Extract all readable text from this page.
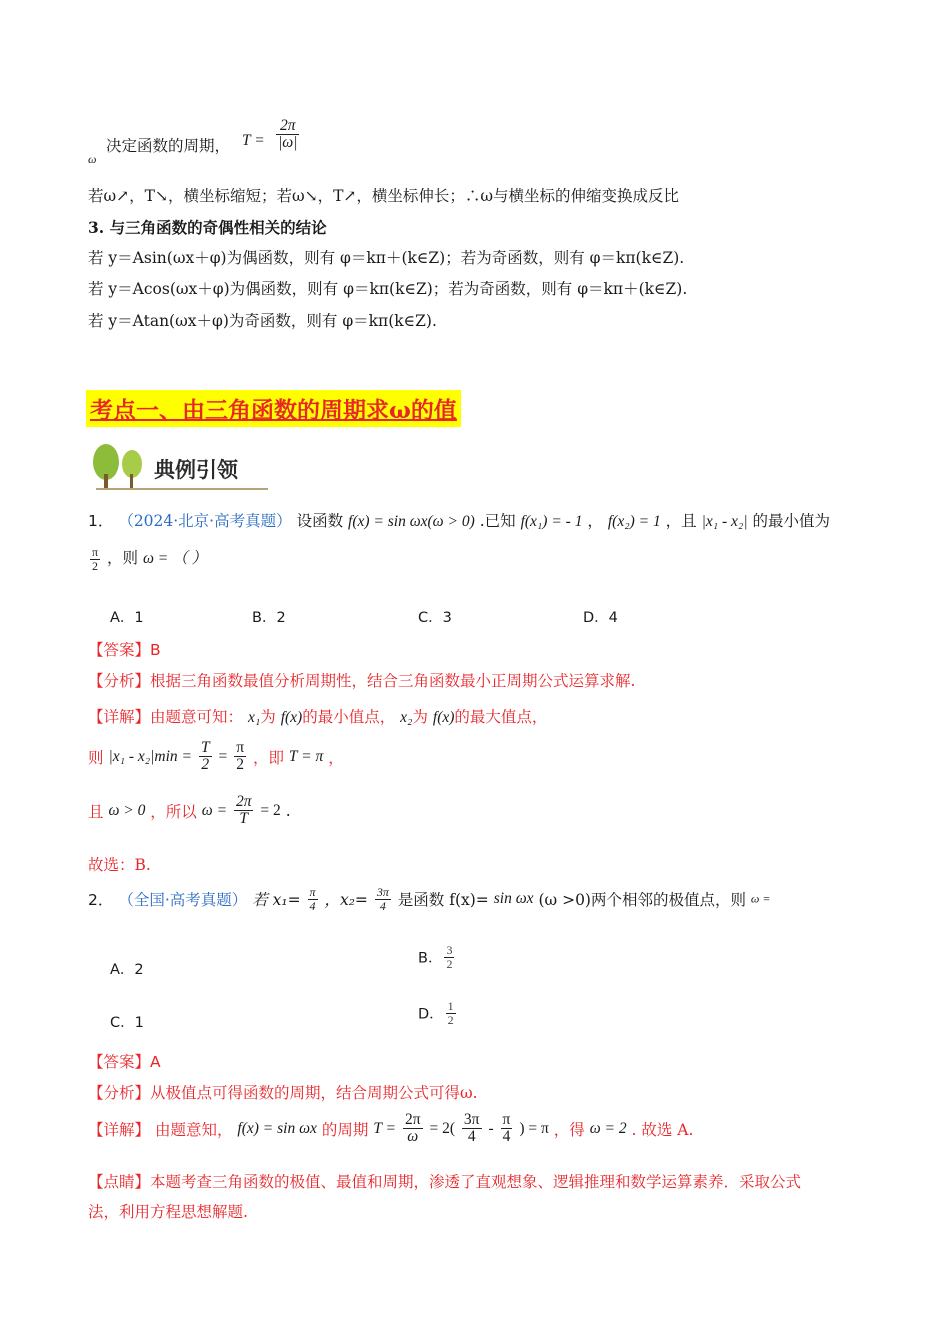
ω
决定函数的周期， $T = \frac{2\pi}{|\omega|}$
若ω↗，T↘，横坐标缩短；若ω↘，T↗，横坐标伸长；∴ω与横坐标的伸缩变换成反比
3. 与三角函数的奇偶性相关的结论
若 y＝Asin(ωx＋φ)为偶函数，则有 φ＝kπ＋(k∈Z)；若为奇函数，则有 φ＝kπ(k∈Z).
若 y＝Acos(ωx＋φ)为偶函数，则有 φ＝kπ(k∈Z)；若为奇函数，则有 φ＝kπ＋(k∈Z).
若 y＝Atan(ωx＋φ)为奇函数，则有 φ＝kπ(k∈Z).
考点一、由三角函数的周期求ω的值
典例引领
1． （2024·北京·高考真题） 设函数 f(x) = sin ωx(ω > 0) .已知 f(x₁) = - 1 ， f(x₂) = 1 ，且 |x₁ - x₂| 的最小值为
$\frac{\pi}{2}$ ，则 ω = （ ）
A．1	B．2	C．3	D．4
【答案】B
【分析】根据三角函数最值分析周期性，结合三角函数最小正周期公式运算求解.
【详解】由题意可知： x₁为 f(x)的最小值点， x₂为 f(x)的最大值点，
则 $|x_1 - x_2|\min = \frac{T}{2} = \frac{\pi}{2}$ ，即 T = π ，
且 ω > 0 ，所以 $\omega = \frac{2\pi}{T} = 2$ .
故选：B.
2． （全国·高考真题） 若 $x_1= \frac{\pi}{4}$ ，$x_2= \frac{3\pi}{4}$ 是函数 f(x)= sin ωx (ω >0)两个相邻的极值点，则 ω =
A．2
B． $\frac{3}{2}$
C．1
D． $\frac{1}{2}$
【答案】A
【分析】从极值点可得函数的周期，结合周期公式可得ω.
【详解】 由题意知， f(x) = sin ωx 的周期 $T = \frac{2\pi}{\omega} = 2( \frac{3\pi}{4} - \frac{\pi}{4}$ ) = π ，得 ω = 2 . 故选 A.
【点睛】本题考查三角函数的极值、最值和周期，渗透了直观想象、逻辑推理和数学运算素养．采取公式
法，利用方程思想解题.
